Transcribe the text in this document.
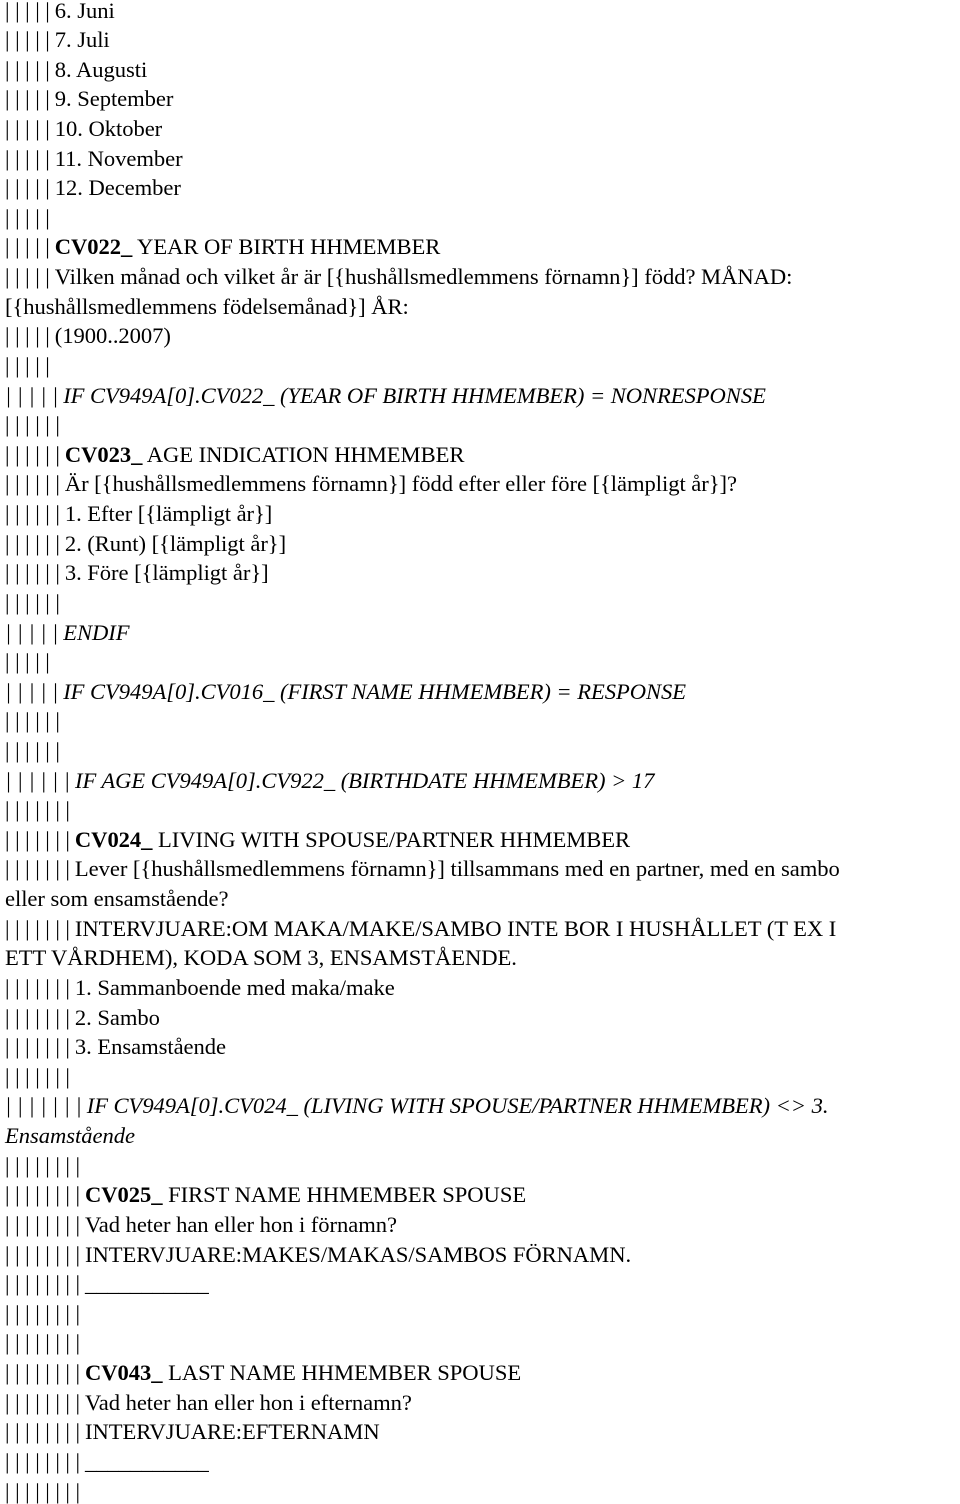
| | | | | 6. Juni
| | | | | 7. Juli
| | | | | 8. Augusti
| | | | | 9. September
| | | | | 10. Oktober
| | | | | 11. November
| | | | | 12. December
| | | | |
| | | | | CV022_ YEAR OF BIRTH HHMEMBER
| | | | | Vilken månad och vilket år är [{hushållsmedlemmens förnamn}] född? MÅNAD:
[{hushållsmedlemmens födelsemånad}] ÅR:
| | | | | (1900..2007)
| | | | |
| | | | | IF CV949A[0].CV022_ (YEAR OF BIRTH HHMEMBER) = NONRESPONSE
| | | | | |
| | | | | | CV023_ AGE INDICATION HHMEMBER
| | | | | | Är [{hushållsmedlemmens förnamn}] född efter eller före [{lämpligt år}]?
| | | | | | 1. Efter [{lämpligt år}]
| | | | | | 2. (Runt) [{lämpligt år}]
| | | | | | 3. Före [{lämpligt år}]
| | | | | |
| | | | | ENDIF
| | | | |
| | | | | IF CV949A[0].CV016_ (FIRST NAME HHMEMBER) = RESPONSE
| | | | | |
| | | | | |
| | | | | | IF AGE CV949A[0].CV922_ (BIRTHDATE HHMEMBER) > 17
| | | | | | |
| | | | | | | CV024_ LIVING WITH SPOUSE/PARTNER HHMEMBER
| | | | | | | Lever [{hushållsmedlemmens förnamn}] tillsammans med en partner, med en sambo
eller som ensamstående?
| | | | | | | INTERVJUARE:OM MAKA/MAKE/SAMBO INTE BOR I HUSHÅLLET (T EX I
ETT VÅRDHEM), KODA SOM 3, ENSAMSTÅENDE.
| | | | | | | 1. Sammanboende med maka/make
| | | | | | | 2. Sambo
| | | | | | | 3. Ensamstående
| | | | | | |
| | | | | | | IF CV949A[0].CV024_ (LIVING WITH SPOUSE/PARTNER HHMEMBER) <> 3.
Ensamstående
| | | | | | | |
| | | | | | | | CV025_ FIRST NAME HHMEMBER SPOUSE
| | | | | | | | Vad heter han eller hon i förnamn?
| | | | | | | | INTERVJUARE:MAKES/MAKAS/SAMBOS FÖRNAMN.
| | | | | | | | ___________
| | | | | | | |
| | | | | | | |
| | | | | | | | CV043_ LAST NAME HHMEMBER SPOUSE
| | | | | | | | Vad heter han eller hon i efternamn?
| | | | | | | | INTERVJUARE:EFTERNAMN
| | | | | | | | ___________
| | | | | | | |
